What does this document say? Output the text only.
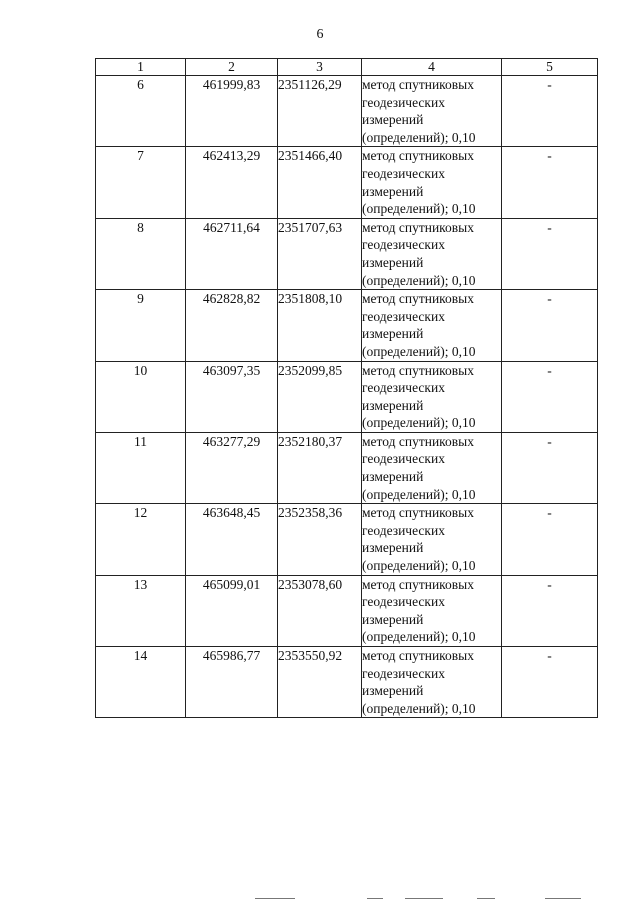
6
1	2	3	4	5
6	461999,83	2351126,29	метод спутниковых
геодезических
измерений
(определений); 0,10	-
7	462413,29	2351466,40	метод спутниковых
геодезических
измерений
(определений); 0,10	-
8	462711,64	2351707,63	метод спутниковых
геодезических
измерений
(определений); 0,10	-
9	462828,82	2351808,10	метод спутниковых
геодезических
измерений
(определений); 0,10	-
10	463097,35	2352099,85	метод спутниковых
геодезических
измерений
(определений); 0,10	-
11	463277,29	2352180,37	метод спутниковых
геодезических
измерений
(определений); 0,10	-
12	463648,45	2352358,36	метод спутниковых
геодезических
измерений
(определений); 0,10	-
13	465099,01	2353078,60	метод спутниковых
геодезических
измерений
(определений); 0,10	-
14	465986,77	2353550,92	метод спутниковых
геодезических
измерений
(определений); 0,10	-
